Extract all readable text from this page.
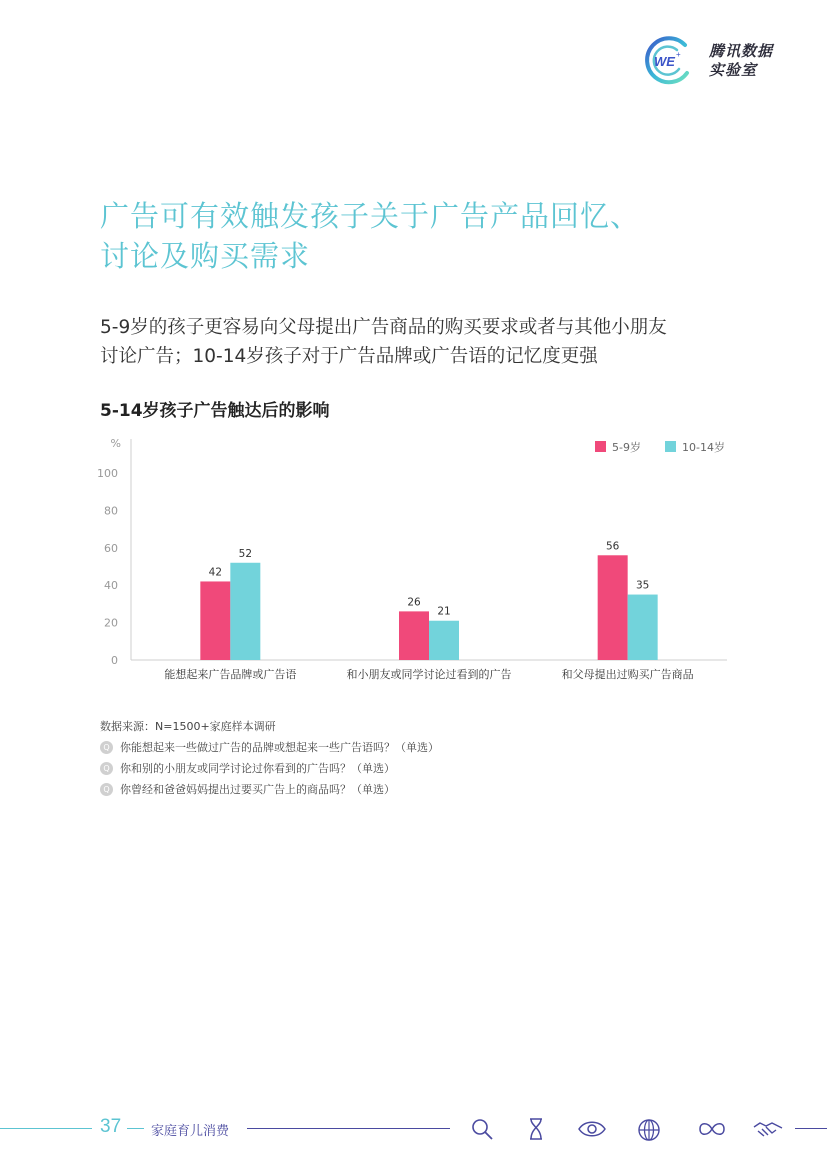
WE + 腾讯数据
实验室
广告可有效触发孩子关于广告产品回忆、
讨论及购买需求
5-9岁的孩子更容易向父母提出广告商品的购买要求或者与其他小朋友
讨论广告；10-14岁孩子对于广告品牌或广告语的记忆度更强
5-14岁孩子广告触达后的影响
%
0
20
40
60
80
100
42
52
能想起来广告品牌或广告语
26
21
和小朋友或同学讨论过看到的广告
56
35
和父母提出过购买广告商品
5-9岁	10-14岁
数据来源：N=1500+家庭样本调研
Q 你能想起来一些做过广告的品牌或想起来一些广告语吗？（单选）
Q 你和别的小朋友或同学讨论过你看到的广告吗？（单选）
Q 你曾经和爸爸妈妈提出过要买广告上的商品吗？（单选）
37 家庭育儿消费
